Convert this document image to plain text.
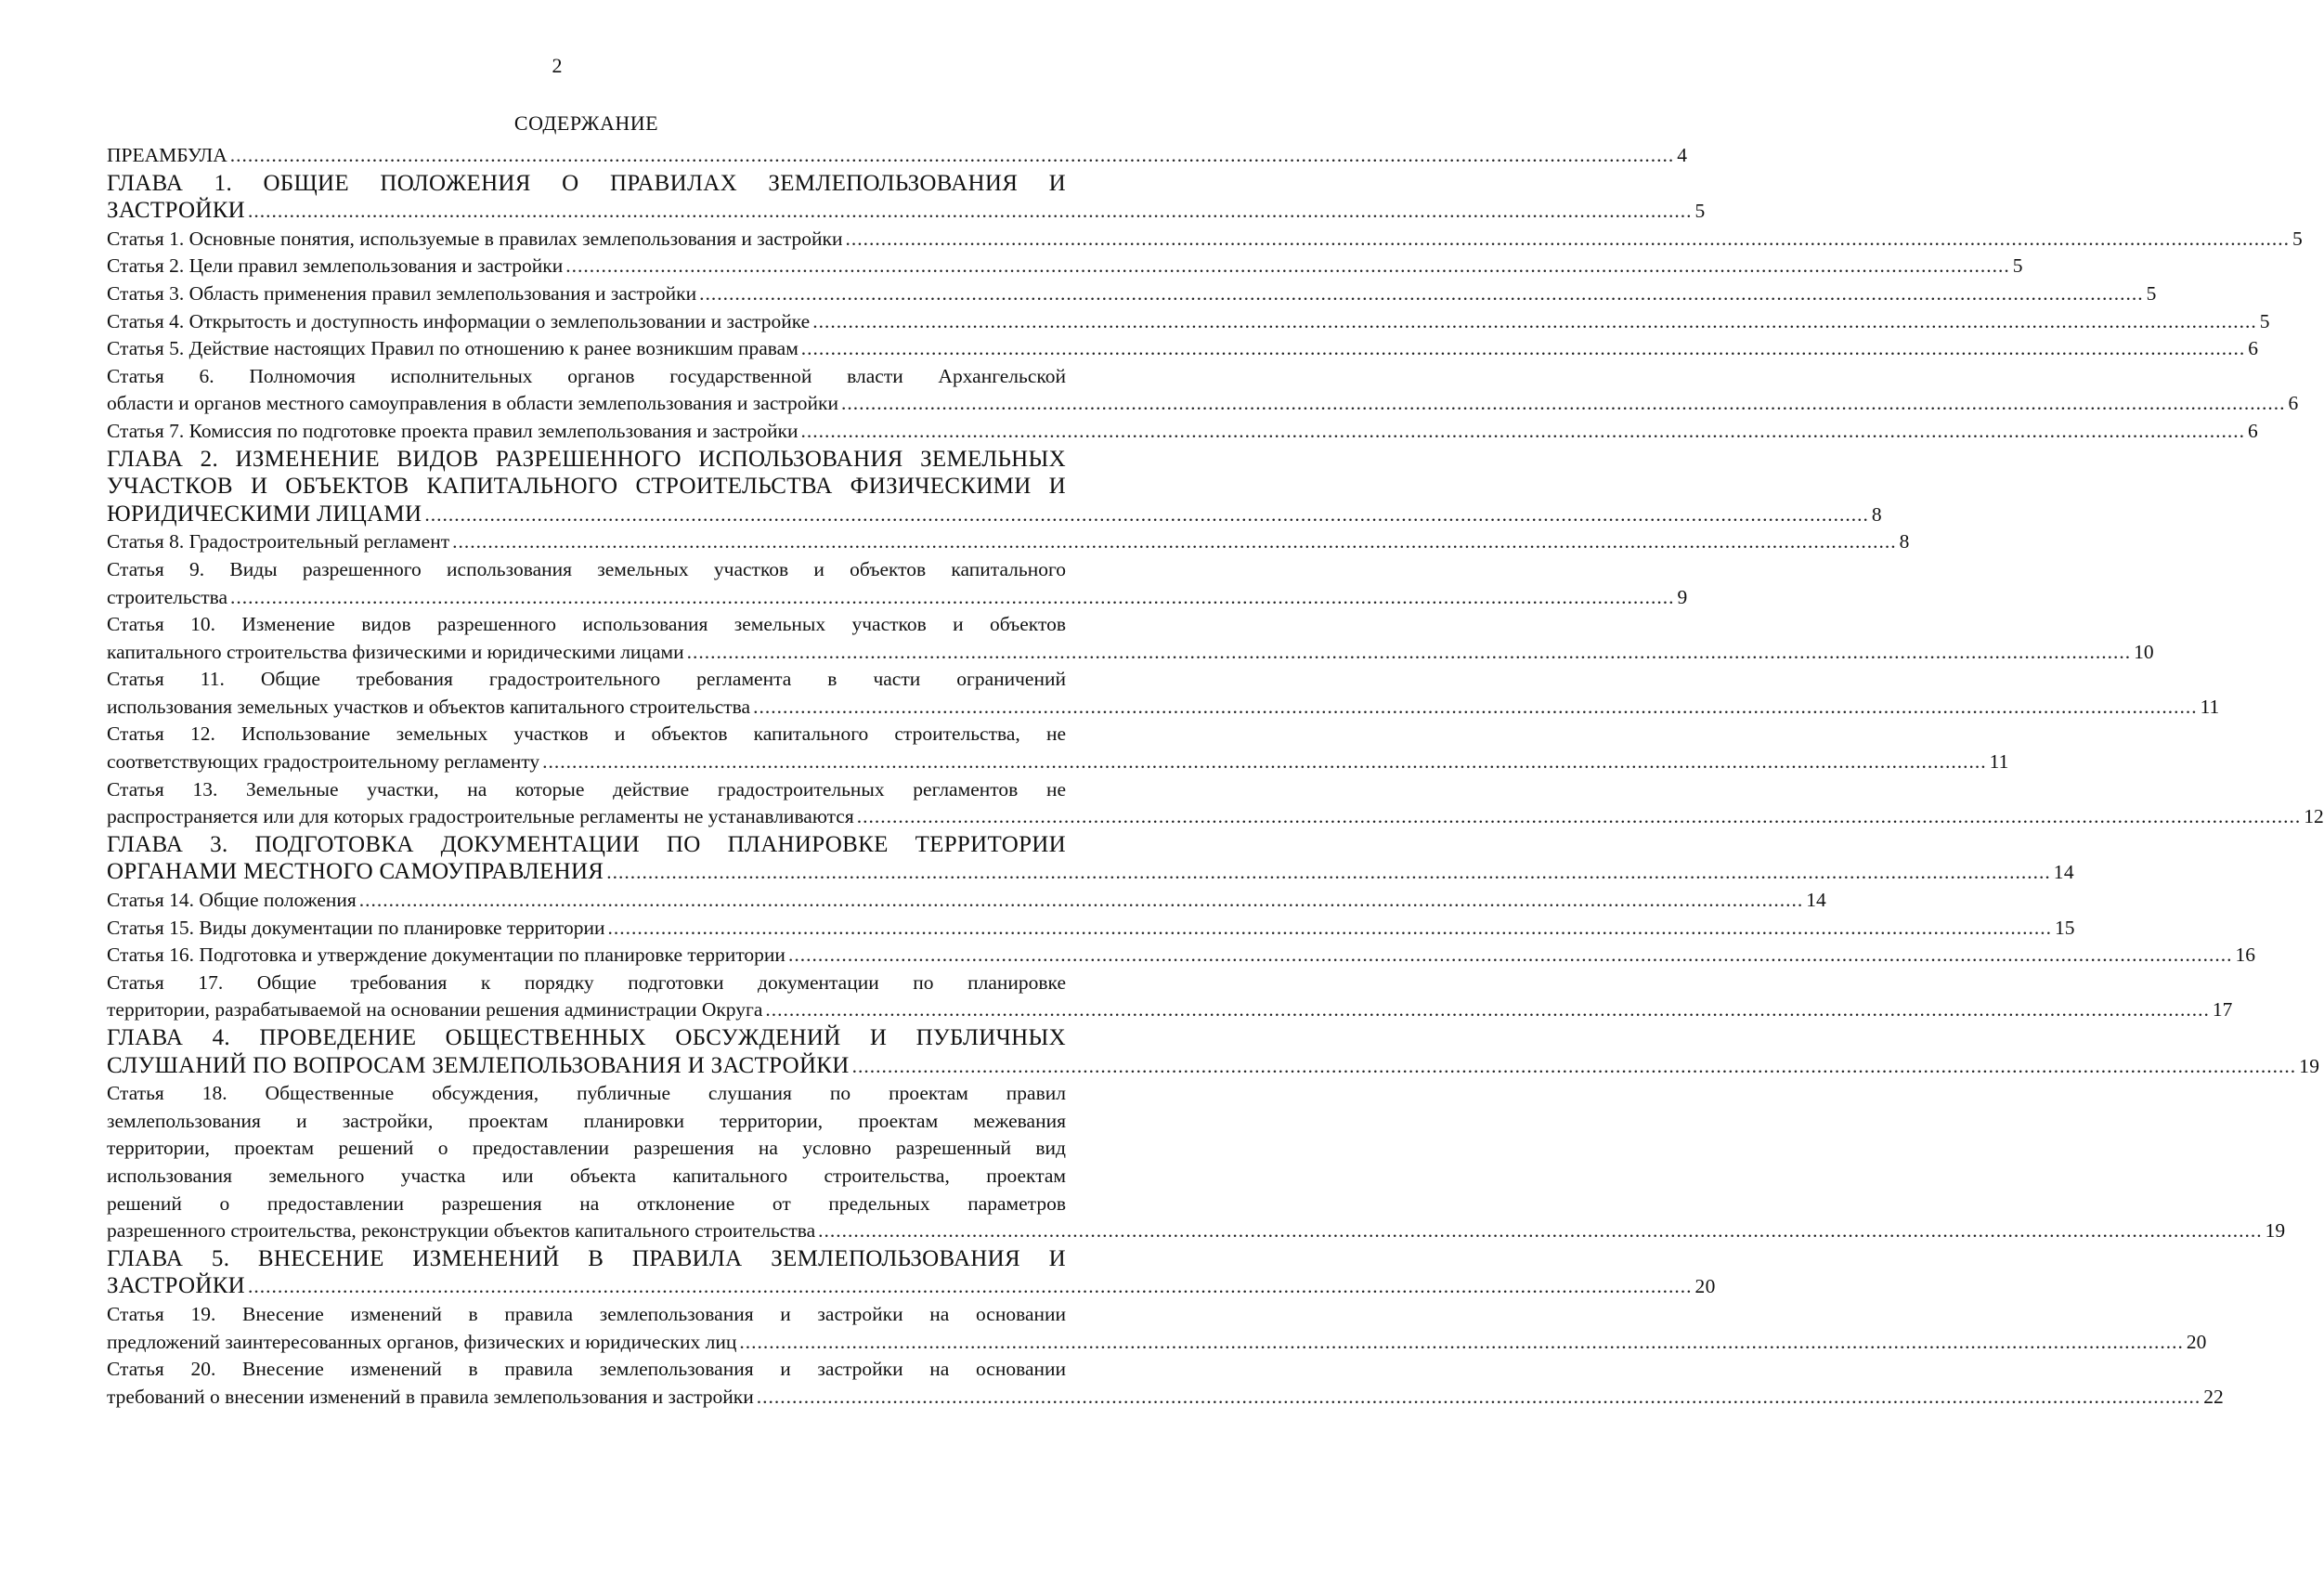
2
СОДЕРЖАНИЕ
ПРЕАМБУЛА .....	4
ГЛАВА 1. ОБЩИЕ ПОЛОЖЕНИЯ О ПРАВИЛАХ ЗЕМЛЕПОЛЬЗОВАНИЯ И
ЗАСТРОЙКИ .....	5
Статья 1. Основные понятия, используемые в правилах землепользования и застройки .....	5
Статья 2. Цели правил землепользования и застройки .....	5
Статья 3. Область применения правил землепользования и застройки .....	5
Статья 4. Открытость и доступность информации о землепользовании и застройке .....	5
Статья 5. Действие настоящих Правил по отношению к ранее возникшим правам .....	6
Статья 6. Полномочия исполнительных органов государственной власти Архангельской
области и органов местного самоуправления в области землепользования и застройки .....	6
Статья 7. Комиссия по подготовке проекта правил землепользования и застройки .....	6
ГЛАВА 2. ИЗМЕНЕНИЕ ВИДОВ РАЗРЕШЕННОГО ИСПОЛЬЗОВАНИЯ ЗЕМЕЛЬНЫХ
УЧАСТКОВ И ОБЪЕКТОВ КАПИТАЛЬНОГО СТРОИТЕЛЬСТВА ФИЗИЧЕСКИМИ И
ЮРИДИЧЕСКИМИ ЛИЦАМИ .....	8
Статья 8. Градостроительный регламент .....	8
Статья 9. Виды разрешенного использования земельных участков и объектов капитального
строительства .....	9
Статья 10. Изменение видов разрешенного использования земельных участков и объектов
капитального строительства физическими и юридическими лицами .....	10
Статья 11. Общие требования градостроительного регламента в части ограничений
использования земельных участков и объектов капитального строительства .....	11
Статья 12. Использование земельных участков и объектов капитального строительства, не
соответствующих градостроительному регламенту .....	11
Статья 13. Земельные участки, на которые действие градостроительных регламентов не
распространяется или для которых градостроительные регламенты не устанавливаются .....	12
ГЛАВА 3. ПОДГОТОВКА ДОКУМЕНТАЦИИ ПО ПЛАНИРОВКЕ ТЕРРИТОРИИ
ОРГАНАМИ МЕСТНОГО САМОУПРАВЛЕНИЯ .....	14
Статья 14. Общие положения .....	14
Статья 15. Виды документации по планировке территории .....	15
Статья 16. Подготовка и утверждение документации по планировке территории .....	16
Статья 17. Общие требования к порядку подготовки документации по планировке
территории, разрабатываемой на основании решения администрации Округа .....	17
ГЛАВА 4. ПРОВЕДЕНИЕ ОБЩЕСТВЕННЫХ ОБСУЖДЕНИЙ И ПУБЛИЧНЫХ
СЛУШАНИЙ ПО ВОПРОСАМ ЗЕМЛЕПОЛЬЗОВАНИЯ И ЗАСТРОЙКИ .....	19
Статья 18. Общественные обсуждения, публичные слушания по проектам правил
землепользования и застройки, проектам планировки территории, проектам межевания
территории, проектам решений о предоставлении разрешения на условно разрешенный вид
использования земельного участка или объекта капитального строительства, проектам
решений о предоставлении разрешения на отклонение от предельных параметров
разрешенного строительства, реконструкции объектов капитального строительства .....	19
ГЛАВА 5. ВНЕСЕНИЕ ИЗМЕНЕНИЙ В ПРАВИЛА ЗЕМЛЕПОЛЬЗОВАНИЯ И
ЗАСТРОЙКИ .....	20
Статья 19. Внесение изменений в правила землепользования и застройки на основании
предложений заинтересованных органов, физических и юридических лиц .....	20
Статья 20. Внесение изменений в правила землепользования и застройки на основании
требований о внесении изменений в правила землепользования и застройки .....	22
